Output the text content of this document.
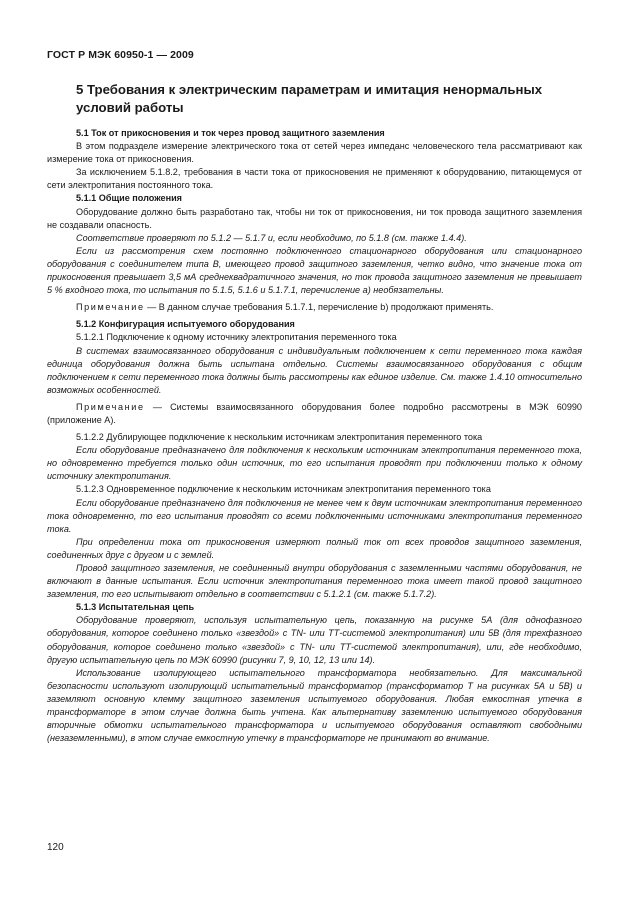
ГОСТ Р МЭК 60950-1 — 2009
5 Требования к электрическим параметрам и имитация ненормальных условий работы

5.1 Ток от прикосновения и ток через провод защитного заземления

В этом подразделе измерение электрического тока от сетей через импеданс человеческого тела рассматривают как измерение тока от прикосновения.

За исключением 5.1.8.2, требования в части тока от прикосновения не применяют к оборудованию, питающемуся от сети электропитания постоянного тока.

5.1.1 Общие положения

Оборудование должно быть разработано так, чтобы ни ток от прикосновения, ни ток провода защитного заземления не создавали опасность.

Соответствие проверяют по 5.1.2 — 5.1.7 и, если необходимо, по 5.1.8 (см. также 1.4.4).

Если из рассмотрения схем постоянно подключенного стационарного оборудования или стационарного оборудования с соединителем типа В, имеющего провод защитного заземления, четко видно, что значение тока от прикосновения превышает 3,5 мА среднеквадратичного значения, но ток провода защитного заземления не превышает 5 % входного тока, то испытания по 5.1.5, 5.1.6 и 5.1.7.1, перечисление а) необязательны.

Примечание — В данном случае требования 5.1.7.1, перечисление b) продолжают применять.

5.1.2 Конфигурация испытуемого оборудования

5.1.2.1 Подключение к одному источнику электропитания переменного тока

В системах взаимосвязанного оборудования с индивидуальным подключением к сети переменного тока каждая единица оборудования должна быть испытана отдельно. Системы взаимосвязанного оборудования с общим подключением к сети переменного тока должны быть рассмотрены как единое изделие. См. также 1.4.10 относительно возможных особенностей.

Примечание — Системы взаимосвязанного оборудования более подробно рассмотрены в МЭК 60990 (приложение А).

5.1.2.2 Дублирующее подключение к нескольким источникам электропитания переменного тока

Если оборудование предназначено для подключения к нескольким источникам электропитания переменного тока, но одновременно требуется только один источник, то его испытания проводят при подключении только к одному источнику электропитания.

5.1.2.3 Одновременное подключение к нескольким источникам электропитания переменного тока

Если оборудование предназначено для подключения не менее чем к двум источникам электропитания переменного тока одновременно, то его испытания проводят со всеми подключенными источниками электропитания переменного тока.

При определении тока от прикосновения измеряют полный ток от всех проводов защитного заземления, соединенных друг с другом и с землей.

Провод защитного заземления, не соединенный внутри оборудования с заземленными частями оборудования, не включают в данные испытания. Если источник электропитания переменного тока имеет такой провод защитного заземления, то его испытывают отдельно в соответствии с 5.1.2.1 (см. также 5.1.7.2).

5.1.3 Испытательная цепь

Оборудование проверяют, используя испытательную цепь, показанную на рисунке 5А (для однофазного оборудования, которое соединено только «звездой» с TN- или ТТ-системой электропитания) или 5В (для трехфазного оборудования, которое соединено только «звездой» с TN- или ТТ-системой электропитания), или, где необходимо, другую испытательную цепь по МЭК 60990 (рисунки 7, 9, 10, 12, 13 или 14).

Использование изолирующего испытательного трансформатора необязательно. Для максимальной безопасности используют изолирующий испытательный трансформатор (трансформатор Т на рисунках 5А и 5В) и заземляют основную клемму защитного заземления испытуемого оборудования. Любая емкостная утечка в трансформаторе в этом случае должна быть учтена. Как альтернативу заземлению испытуемого оборудования вторичные обмотки испытательного трансформатора и испытуемого оборудования оставляют свободными (незаземленными), в этом случае емкостную утечку в трансформаторе не принимают во внимание.

120
